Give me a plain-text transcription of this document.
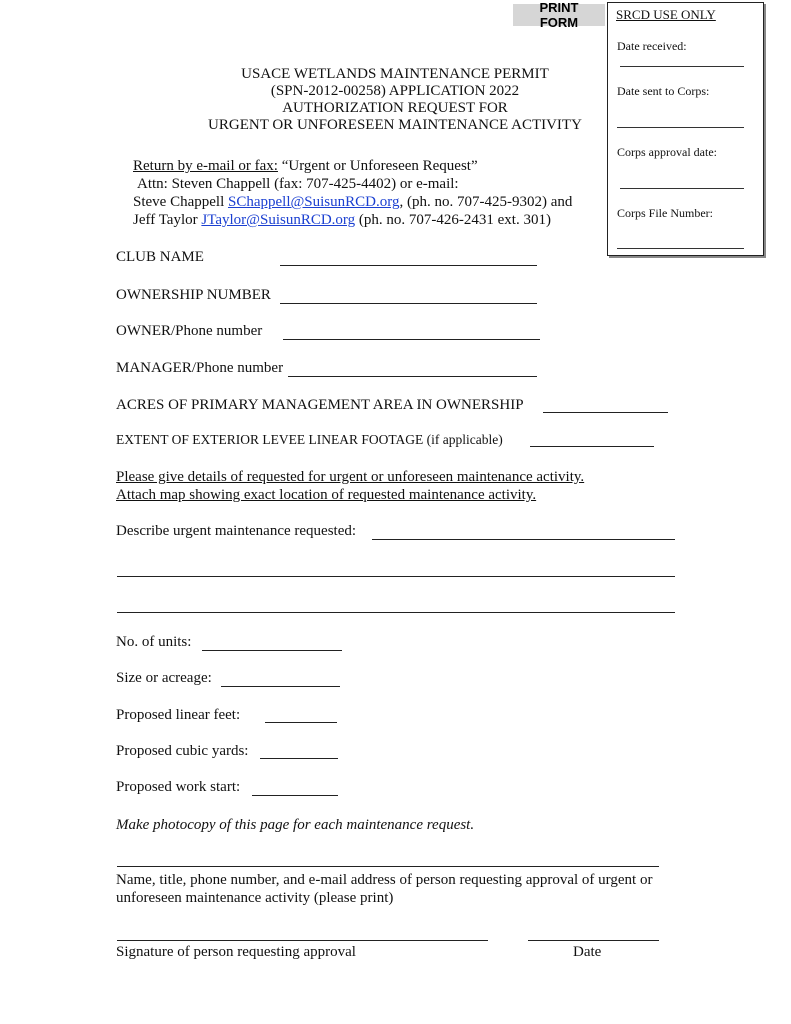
PRINT FORM
SRCD USE ONLY
Date received:
Date sent to Corps:
Corps approval date:
Corps File Number:
USACE WETLANDS MAINTENANCE PERMIT
(SPN-2012-00258) APPLICATION 2022
AUTHORIZATION REQUEST FOR
URGENT OR UNFORESEEN MAINTENANCE ACTIVITY
Return by e-mail or fax: “Urgent or Unforeseen Request”
Attn: Steven Chappell (fax: 707-425-4402) or e-mail:
Steve Chappell SChappell@SuisunRCD.org, (ph. no. 707-425-9302) and
Jeff Taylor JTaylor@SuisunRCD.org (ph. no. 707-426-2431 ext. 301)
CLUB NAME
OWNERSHIP NUMBER
OWNER/Phone number
MANAGER/Phone number
ACRES OF PRIMARY MANAGEMENT AREA IN OWNERSHIP
EXTENT OF EXTERIOR LEVEE LINEAR FOOTAGE (if applicable)
Please give details of requested for urgent or unforeseen maintenance activity.
Attach map showing exact location of requested maintenance activity.
Describe urgent maintenance requested:
No. of units:
Size or acreage:
Proposed linear feet:
Proposed cubic yards:
Proposed work start:
Make photocopy of this page for each maintenance request.
Name, title, phone number, and e-mail address of person requesting approval of urgent or
unforeseen maintenance activity (please print)
Signature of person requesting approval	Date
